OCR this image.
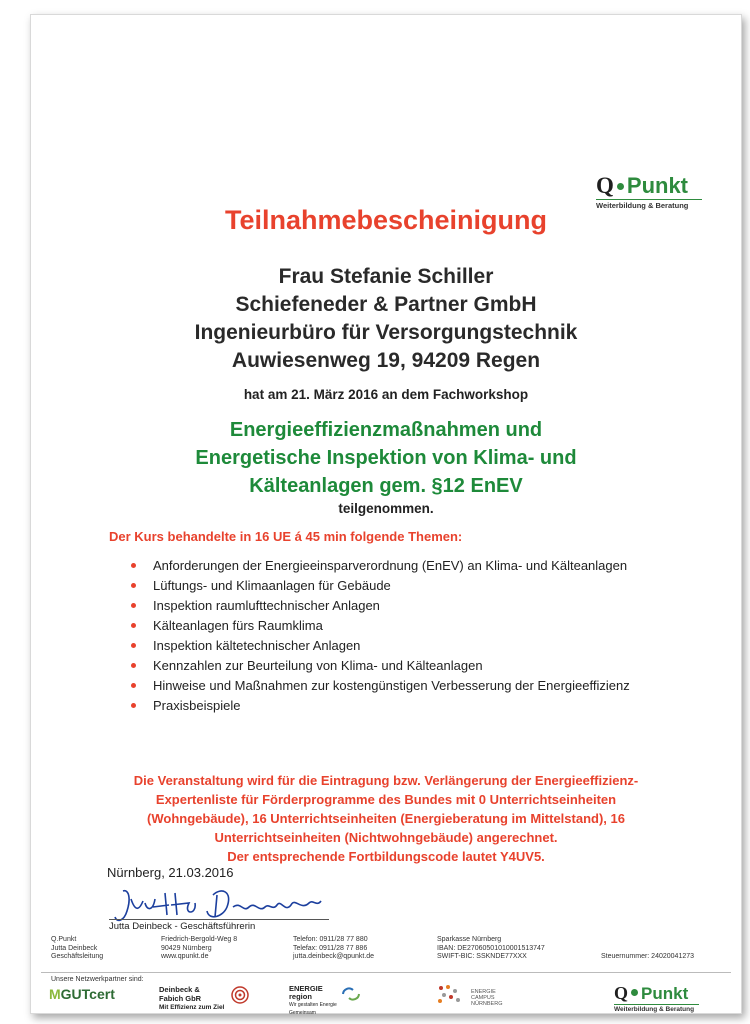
Q Punkt
Weiterbildung & Beratung
Teilnahmebescheinigung
Frau Stefanie Schiller
Schiefeneder & Partner GmbH
Ingenieurbüro für Versorgungstechnik
Auwiesenweg 19, 94209 Regen
hat am 21. März 2016 an dem Fachworkshop
Energieeffizienzmaßnahmen und
Energetische Inspektion von Klima- und
Kälteanlagen gem. §12 EnEV
teilgenommen.
Der Kurs behandelte in 16 UE á 45 min folgende Themen:
Anforderungen der Energieeinsparverordnung (EnEV) an Klima- und Kälteanlagen
Lüftungs- und Klimaanlagen für Gebäude
Inspektion raumlufttechnischer Anlagen
Kälteanlagen fürs Raumklima
Inspektion kältetechnischer Anlagen
Kennzahlen zur Beurteilung von Klima- und Kälteanlagen
Hinweise und Maßnahmen zur kostengünstigen Verbesserung der Energieeffizienz
Praxisbeispiele
Die Veranstaltung wird für die Eintragung bzw. Verlängerung der Energieeffizienz-
Expertenliste für Förderprogramme des Bundes mit 0 Unterrichtseinheiten
(Wohngebäude), 16 Unterrichtseinheiten (Energieberatung im Mittelstand), 16
Unterrichtseinheiten (Nichtwohngebäude) angerechnet.
Der entsprechende Fortbildungscode lautet Y4UV5.
Nürnberg, 21.03.2016
Jutta Deinbeck - Geschäftsführerin
Q.Punkt
Jutta Deinbeck
Geschäftsleitung
Friedrich-Bergold-Weg 8
90429 Nürnberg
www.qpunkt.de
Telefon: 0911/28 77 880
Telefax: 0911/28 77 886
jutta.deinbeck@qpunkt.de
Sparkasse Nürnberg
IBAN: DE27060501010001513747
SWIFT-BIC: SSKNDE77XXX	Steuernummer: 24020041273
Unsere Netzwerkpartner sind:
MGUTcert	Deinbeck &
Fabich GbR
Mit Effizienz zum Ziel
ENERGIE
region
Wir gestalten Energie
Gemeinsam
ENERGIE
CAMPUS
NÜRNBERG
Q Punkt
Weiterbildung & Beratung
